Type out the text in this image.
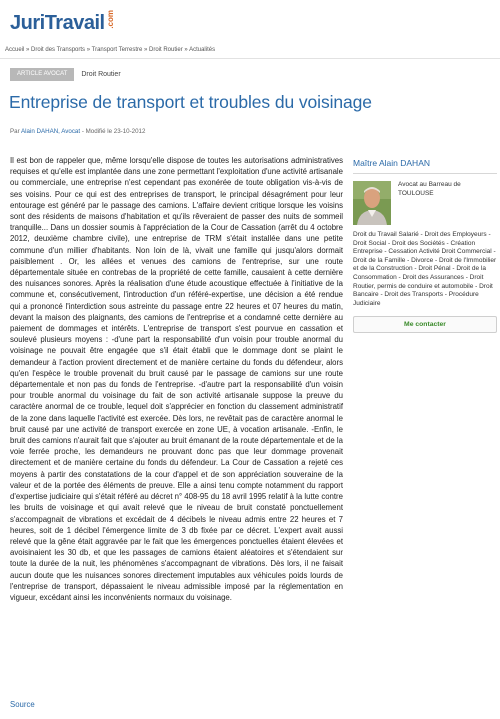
Juri Travail .com
Accueil » Droit des Transports » Transport Terrestre » Droit Routier » Actualités
ARTICLE AVOCAT	Droit Routier
Entreprise de transport et troubles du voisinage
Par Alain DAHAN, Avocat - Modifié le 23-10-2012
Il est bon de rappeler que, même lorsqu'elle dispose de toutes les autorisations administratives requises et qu'elle est implantée dans une zone permettant l'exploitation d'une activité artisanale ou commerciale, une entreprise n'est cependant pas exonérée de toute obligation vis-à-vis de ses voisins. Pour ce qui est des entreprises de transport, le principal désagrément pour leur entourage est généré par le passage des camions. L'affaire devient critique lorsque les voisins sont des résidents de maisons d'habitation et qu'ils rêveraient de passer des nuits de sommeil tranquille... Dans un dossier soumis à l'appréciation de la Cour de Cassation (arrêt du 4 octobre 2012, deuxième chambre civile), une entreprise de TRM s'était installée dans une petite commune d'un millier d'habitants. Non loin de là, vivait une famille qui jusqu'alors dormait paisiblement . Or, les allées et venues des camions de l'entreprise, sur une route départementale située en contrebas de la propriété de cette famille, causaient à cette dernière des nuisances sonores. Après la réalisation d'une étude acoustique effectuée à l'initiative de la commune et, consécutivement, l'introduction d'un référé-expertise, une décision a été rendue qui a prononcé l'interdiction sous astreinte du passage entre 22 heures et 07 heures du matin, devant la maison des plaignants, des camions de l'entreprise et a condamné cette dernière au paiement de dommages et intérêts. L'entreprise de transport s'est pourvue en cassation et soulevé plusieurs moyens : -d'une part la responsabilité d'un voisin pour trouble anormal du voisinage ne pouvait être engagée que s'il était établi que le dommage dont se plaint le demandeur à l'action provient directement et de manière certaine du fonds du défendeur, alors qu'en l'espèce le trouble provenait du bruit causé par le passage de camions sur une route départementale et non pas du fonds de l'entreprise. -d'autre part la responsabilité d'un voisin pour trouble anormal du voisinage du fait de son activité artisanale suppose la preuve du caractère anormal de ce trouble, lequel doit s'apprécier en fonction du classement administratif de la zone dans laquelle l'activité est exercée. Dès lors, ne revêtait pas de caractère anormal le bruit causé par une activité de transport exercée en zone UE, à vocation artisanale. -Enfin, le bruit des camions n'aurait fait que s'ajouter au bruit émanant de la route départementale et de la voie ferrée proche, les demandeurs ne prouvant donc pas que leur dommage provenait directement et de manière certaine du fonds du défendeur. La Cour de Cassation a rejeté ces moyens à partir des constatations de la cour d'appel et de son appréciation souveraine de la valeur et de la portée des éléments de preuve. Elle a ainsi tenu compte notamment du rapport d'expertise judiciaire qui s'était référé au décret n° 408-95 du 18 avril 1995 relatif à la lutte contre les bruits de voisinage et qui avait relevé que le niveau de bruit constaté ponctuellement s'accompagnait de vibrations et excédait de 4 décibels le niveau admis entre 22 heures et 7 heures, soit de 1 décibel l'émergence limite de 3 db fixée par ce décret. L'expert avait aussi relevé que la gêne était aggravée par le fait que les émergences ponctuelles étaient élevées et avoisinaient les 30 db, et que les passages de camions étaient aléatoires et s'étendaient sur toute la durée de la nuit, les phénomènes s'accompagnant de vibrations. Dès lors, il ne faisait aucun doute que les nuisances sonores directement imputables aux véhicules poids lourds de l'entreprise de transport, dépassaient le niveau admissible imposé par la réglementation en vigueur, excédant ainsi les inconvénients normaux du voisinage.
Source
Maître Alain DAHAN
Avocat au Barreau de TOULOUSE
Droit du Travail Salarié - Droit des Employeurs - Droit Social - Droit des Sociétés - Création Entreprise - Cessation Activité Droit Commercial - Droit de la Famille - Divorce - Droit de l'Immobilier et de la Construction - Droit Pénal - Droit de la Consommation - Droit des Assurances - Droit Routier, permis de conduire et automobile - Droit Bancaire - Droit des Transports - Procédure Judiciaire
Me contacter
